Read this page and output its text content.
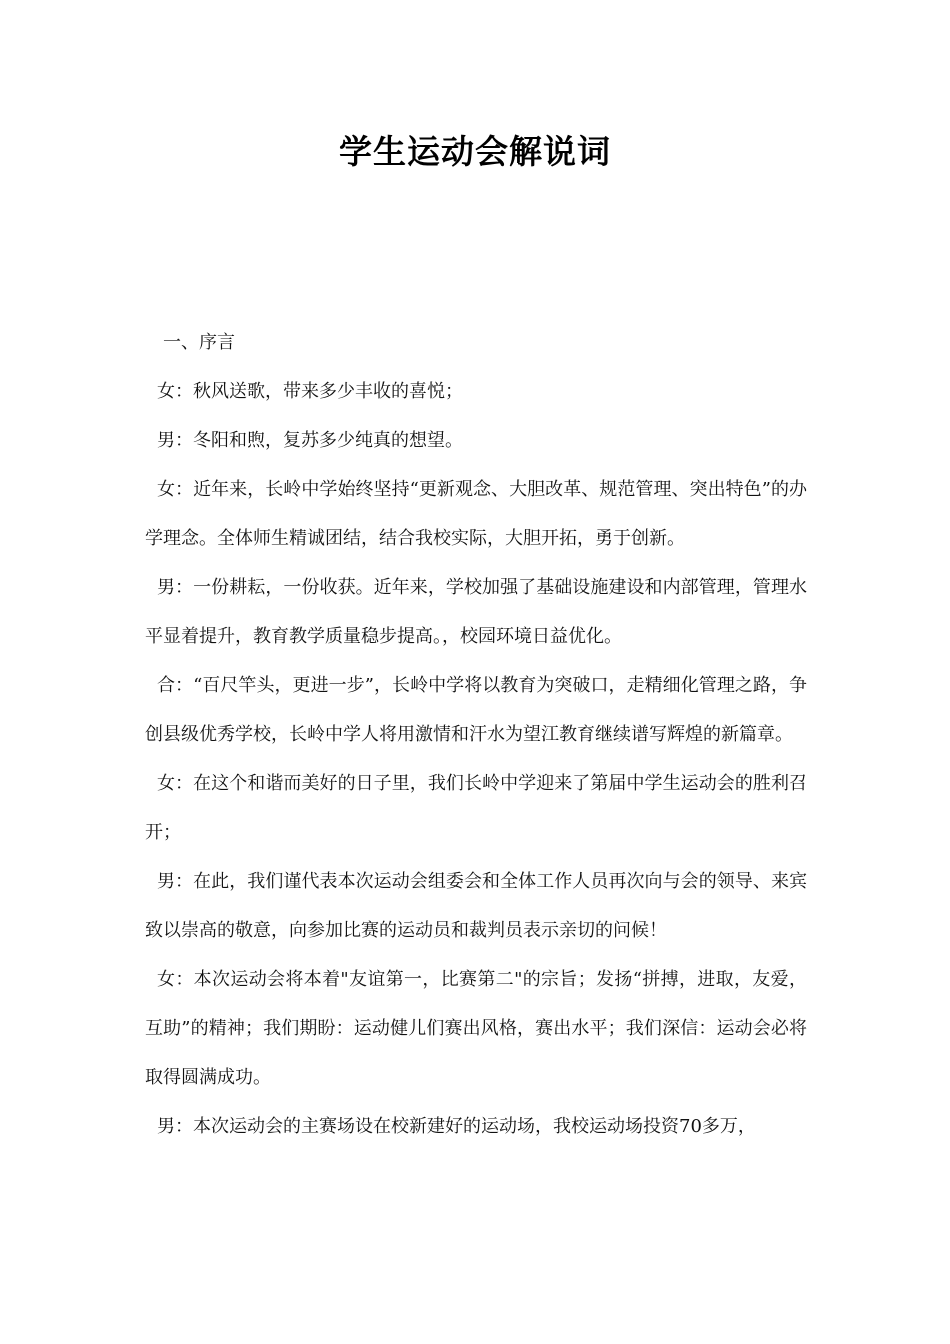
学生运动会解说词

一、序言

女：秋风送歌，带来多少丰收的喜悦；

男：冬阳和煦，复苏多少纯真的想望。

女：近年来，长岭中学始终坚持“更新观念、大胆改革、规范管理、突出特色”的办学理念。全体师生精诚团结，结合我校实际，大胆开拓，勇于创新。

男：一份耕耘，一份收获。近年来，学校加强了基础设施建设和内部管理，管理水平显着提升，教育教学质量稳步提高。，校园环境日益优化。

合：“百尺竿头，更进一步”，长岭中学将以教育为突破口，走精细化管理之路，争创县级优秀学校，长岭中学人将用激情和汗水为望江教育继续谱写辉煌的新篇章。

女：在这个和谐而美好的日子里，我们长岭中学迎来了第届中学生运动会的胜利召开；

男：在此，我们谨代表本次运动会组委会和全体工作人员再次向与会的领导、来宾致以崇高的敬意，向参加比赛的运动员和裁判员表示亲切的问候！

女：本次运动会将本着"友谊第一，比赛第二"的宗旨；发扬“拼搏，进取，友爱，互助”的精神；我们期盼：运动健儿们赛出风格，赛出水平；我们深信：运动会必将取得圆满成功。

男：本次运动会的主赛场设在校新建好的运动场，我校运动场投资70多万，
